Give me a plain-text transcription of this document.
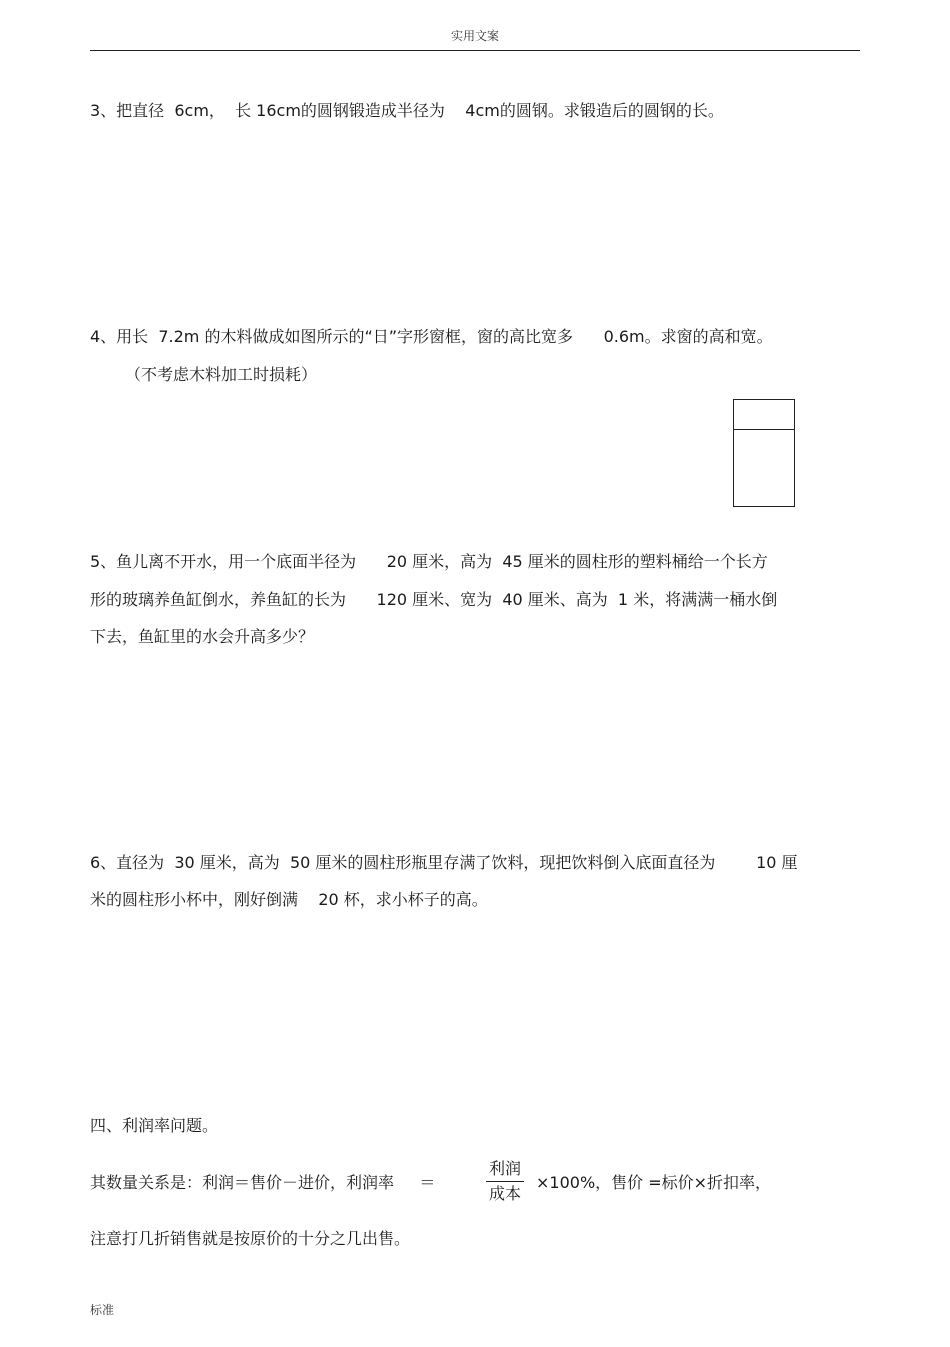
实用文案
3、把直径  6cm，  长 16cm的圆钢锻造成半径为    4cm的圆钢。求锻造后的圆钢的长。
4、用长  7.2m 的木料做成如图所示的“日”字形窗框，窗的高比宽多      0.6m。求窗的高和宽。
（不考虑木料加工时损耗）
5、鱼儿离不开水，用一个底面半径为      20 厘米，高为  45 厘米的圆柱形的塑料桶给一个长方
形的玻璃养鱼缸倒水，养鱼缸的长为      120 厘米、宽为  40 厘米、高为  1 米，将满满一桶水倒
下去，鱼缸里的水会升高多少？
6、直径为  30 厘米，高为  50 厘米的圆柱形瓶里存满了饮料，现把饮料倒入底面直径为        10 厘
米的圆柱形小杯中，刚好倒满    20 杯，求小杯子的高。
四、利润率问题。
其数量关系是：利润＝售价－进价，利润率     ＝
利润
成本
×100%，售价 =标价×折扣率，
注意打几折销售就是按原价的十分之几出售。
标准
